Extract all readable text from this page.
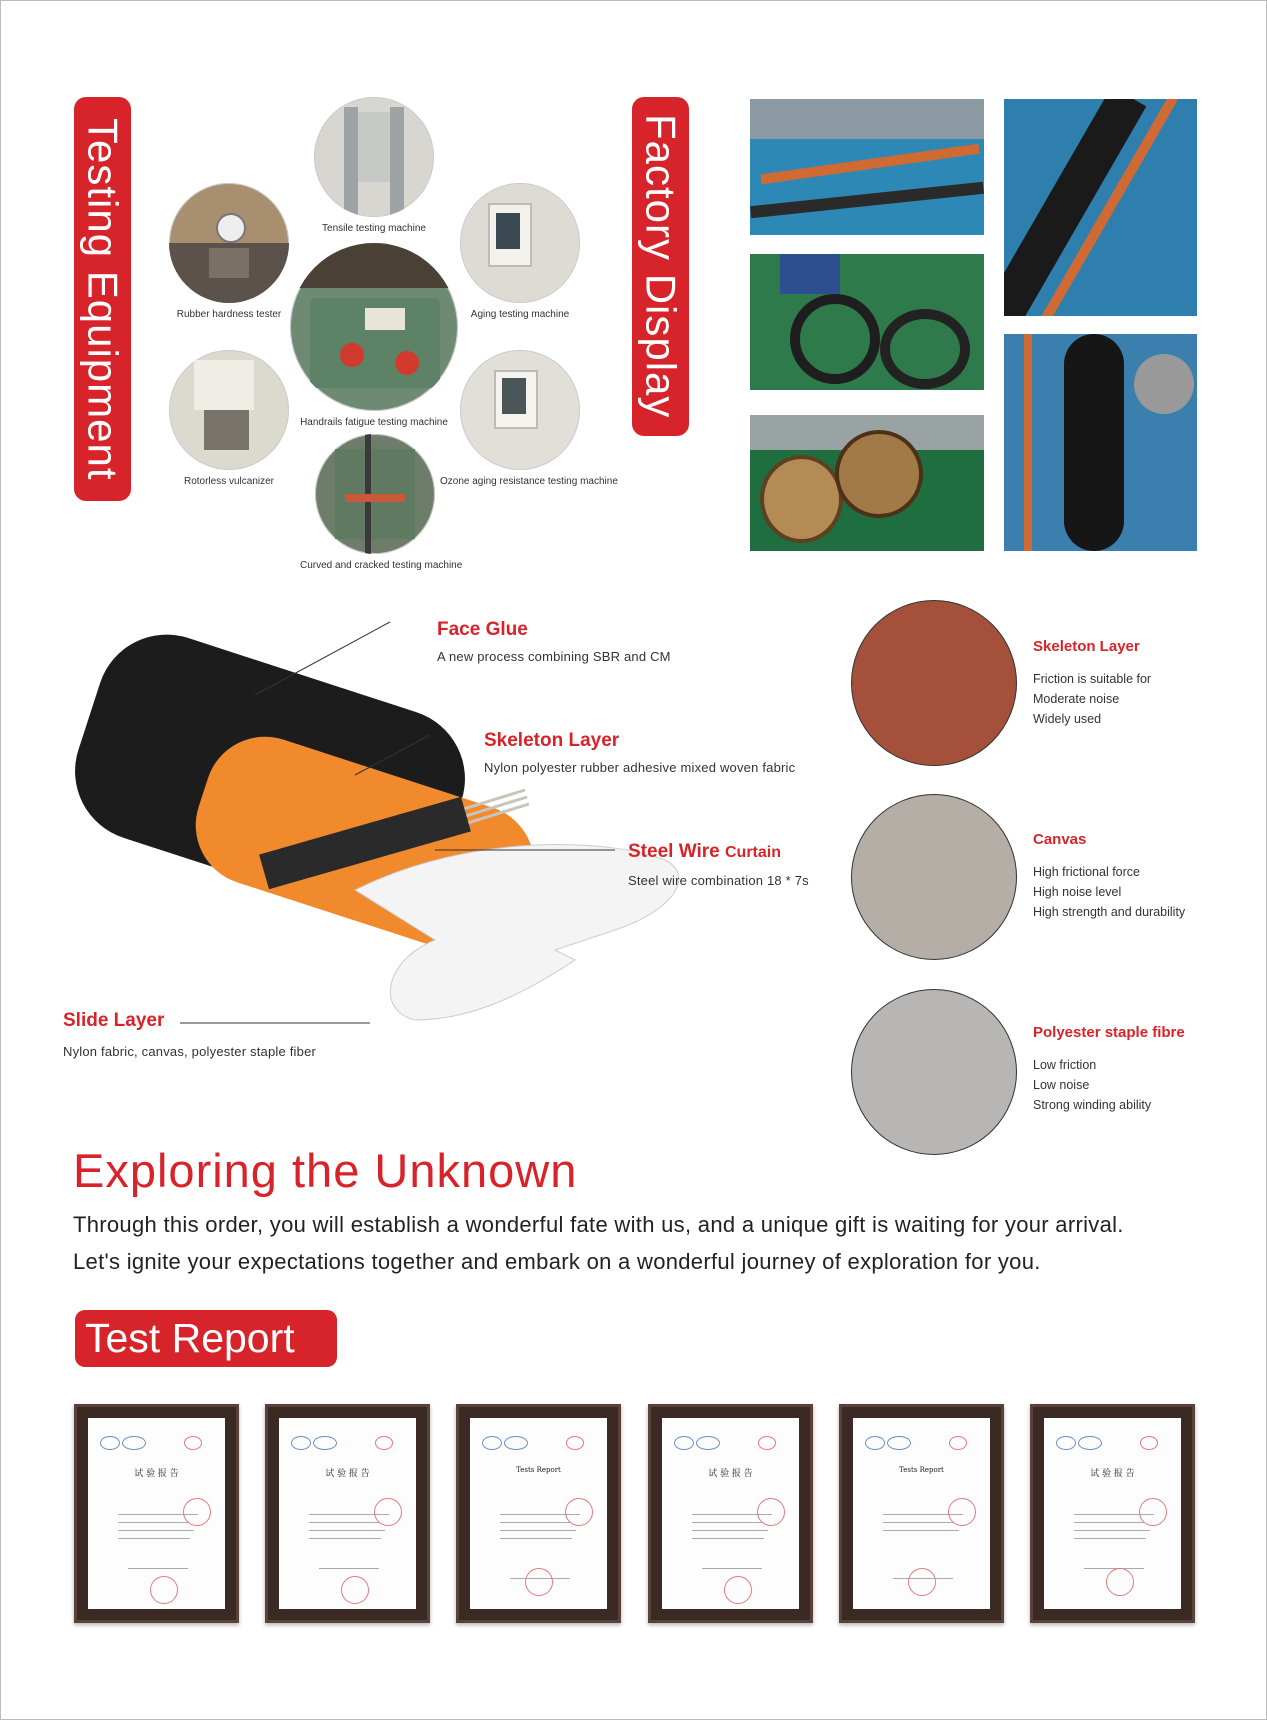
Testing Equipment	Handrails fatigue testing machine
Tensile testing machine
Rubber hardness tester	Aging testing machine
Rotorless vulcanizer	Ozone aging resistance testing machine
Curved and cracked testing machine
Factory Display
Face Glue
A new process combining SBR and CM
Skeleton Layer
Nylon polyester rubber adhesive mixed woven fabric
Steel Wire Curtain
Steel wire combination 18 * 7s
Slide Layer
Nylon fabric, canvas, polyester staple fiber
Skeleton Layer
Friction is suitable for
Moderate noise
Widely used
Canvas
High frictional force
High noise level
High strength and durability
Polyester staple fibre
Low friction
Low noise
Strong winding ability
Exploring the Unknown
Through this order, you will establish a wonderful fate with us, and a unique gift is waiting for your arrival.
Let's ignite your expectations together and embark on a wonderful journey of exploration for you.
Test Report
试 验 报 告	试 验 报 告	Tests Report	试 验 报 告	Tests Report	试 验 报 告
